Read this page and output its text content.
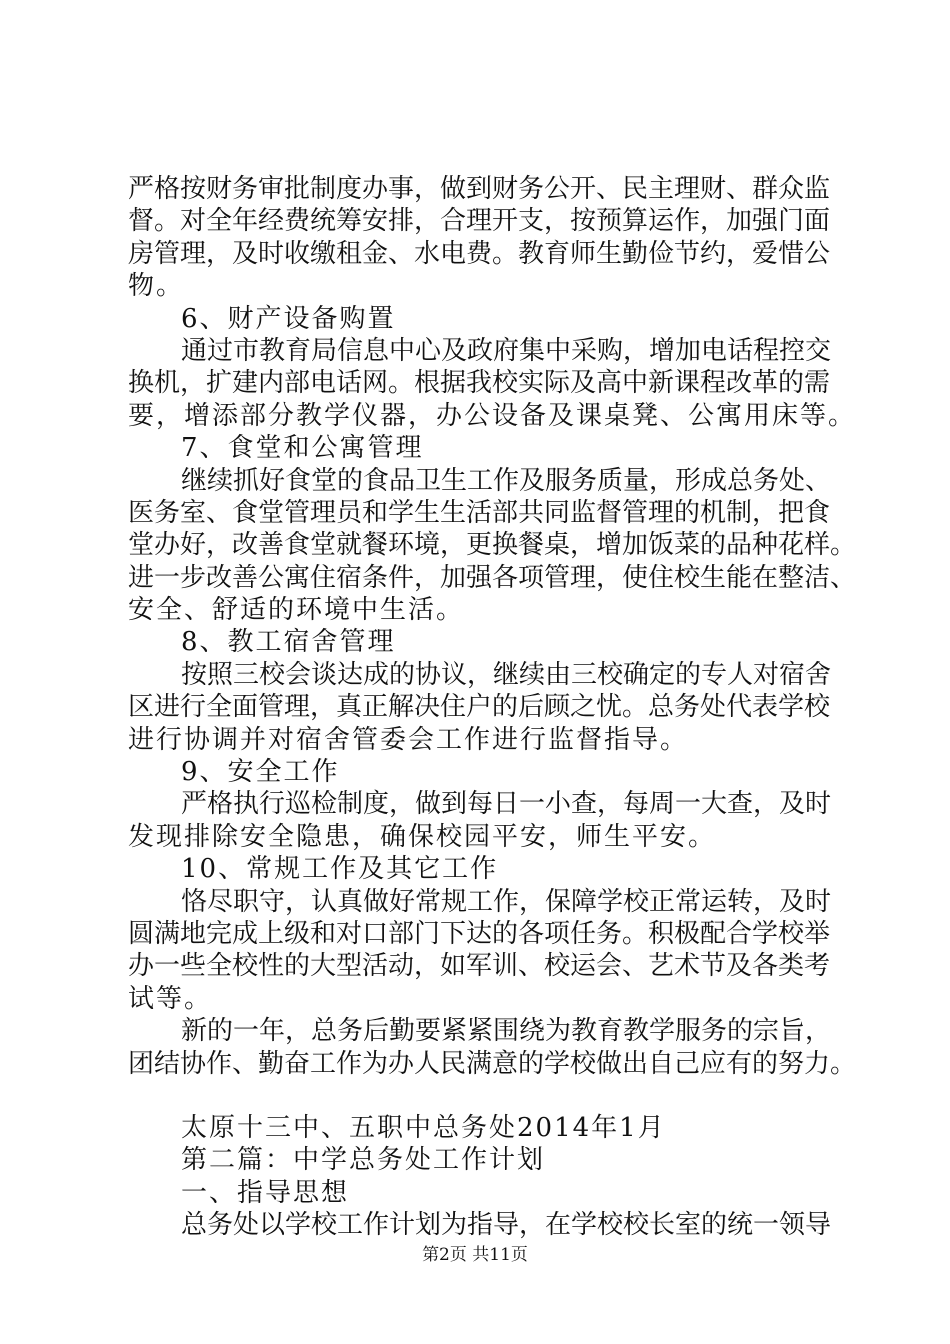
严格按财务审批制度办事，做到财务公开、民主理财、群众监
督。对全年经费统筹安排，合理开支，按预算运作，加强门面
房管理，及时收缴租金、水电费。教育师生勤俭节约，爱惜公
物。
6、财产设备购置
通过市教育局信息中心及政府集中采购，增加电话程控交
换机，扩建内部电话网。根据我校实际及高中新课程改革的需
要，增添部分教学仪器，办公设备及课桌凳、公寓用床等。
7、食堂和公寓管理
继续抓好食堂的食品卫生工作及服务质量，形成总务处、
医务室、食堂管理员和学生生活部共同监督管理的机制，把食
堂办好，改善食堂就餐环境，更换餐桌，增加饭菜的品种花样。
进一步改善公寓住宿条件，加强各项管理，使住校生能在整洁、
安全、舒适的环境中生活。
8、教工宿舍管理
按照三校会谈达成的协议，继续由三校确定的专人对宿舍
区进行全面管理，真正解决住户的后顾之忧。总务处代表学校
进行协调并对宿舍管委会工作进行监督指导。
9、安全工作
严格执行巡检制度，做到每日一小查，每周一大查，及时
发现排除安全隐患，确保校园平安，师生平安。
10、常规工作及其它工作
恪尽职守，认真做好常规工作，保障学校正常运转，及时
圆满地完成上级和对口部门下达的各项任务。积极配合学校举
办一些全校性的大型活动，如军训、校运会、艺术节及各类考
试等。
新的一年，总务后勤要紧紧围绕为教育教学服务的宗旨，
团结协作、勤奋工作为办人民满意的学校做出自己应有的努力。
太原十三中、五职中总务处2014年1月
第二篇：中学总务处工作计划
一、指导思想
总务处以学校工作计划为指导，在学校校长室的统一领导
第2页 共11页
